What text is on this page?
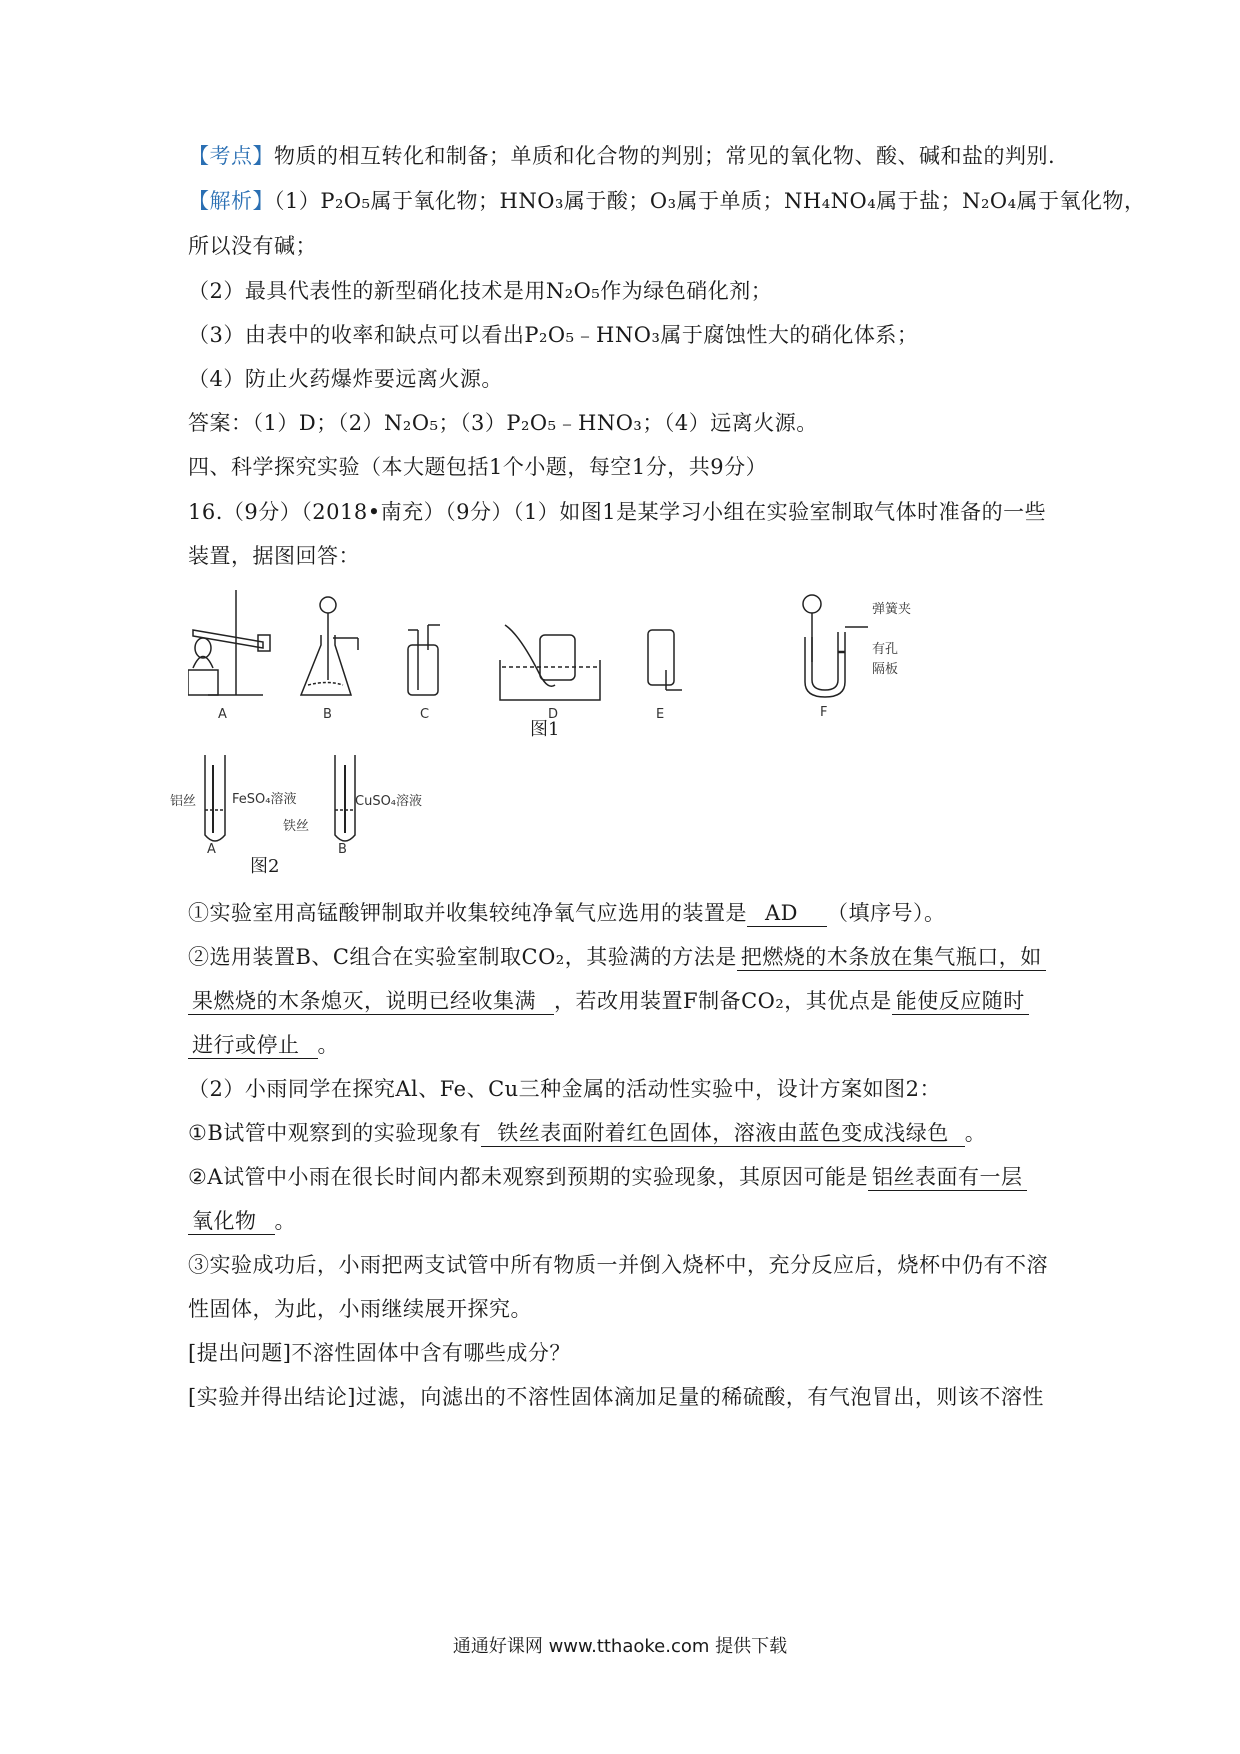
【考点】物质的相互转化和制备；单质和化合物的判别；常见的氧化物、酸、碱和盐的判别.
【解析】（1）P₂O₅属于氧化物；HNO₃属于酸；O₃属于单质；NH₄NO₄属于盐；N₂O₄属于氧化物，
所以没有碱；
（2）最具代表性的新型硝化技术是用N₂O₅作为绿色硝化剂；
（3）由表中的收率和缺点可以看出P₂O₅﹣HNO₃属于腐蚀性大的硝化体系；
（4）防止火药爆炸要远离火源。
答案：（1）D；（2）N₂O₅；（3）P₂O₅﹣HNO₃；（4）远离火源。
四、科学探究实验（本大题包括1个小题，每空1分，共9分）
16.（9分）（2018•南充）（9分）（1）如图1是某学习小组在实验室制取气体时准备的一些
装置，据图回答：
A	B	C	D	E	F
弹簧夹
有孔
隔板
图1
铝丝	FeSO₄溶液	CuSO₄溶液
铁丝
A	B
图2
①实验室用高锰酸钾制取并收集较纯净氧气应选用的装置是 AD （填序号）。
②选用装置B、C组合在实验室制取CO₂，其验满的方法是 把燃烧的木条放在集气瓶口，如
果燃烧的木条熄灭，说明已经收集满 ，若改用装置F制备CO₂，其优点是 能使反应随时
进行或停止 。
（2）小雨同学在探究Al、Fe、Cu三种金属的活动性实验中，设计方案如图2：
①B试管中观察到的实验现象有 铁丝表面附着红色固体，溶液由蓝色变成浅绿色 。
②A试管中小雨在很长时间内都未观察到预期的实验现象，其原因可能是 铝丝表面有一层
氧化物 。
③实验成功后，小雨把两支试管中所有物质一并倒入烧杯中，充分反应后，烧杯中仍有不溶
性固体，为此，小雨继续展开探究。
[提出问题]不溶性固体中含有哪些成分？
[实验并得出结论]过滤，向滤出的不溶性固体滴加足量的稀硫酸，有气泡冒出，则该不溶性
通通好课网 www.tthaoke.com 提供下载
